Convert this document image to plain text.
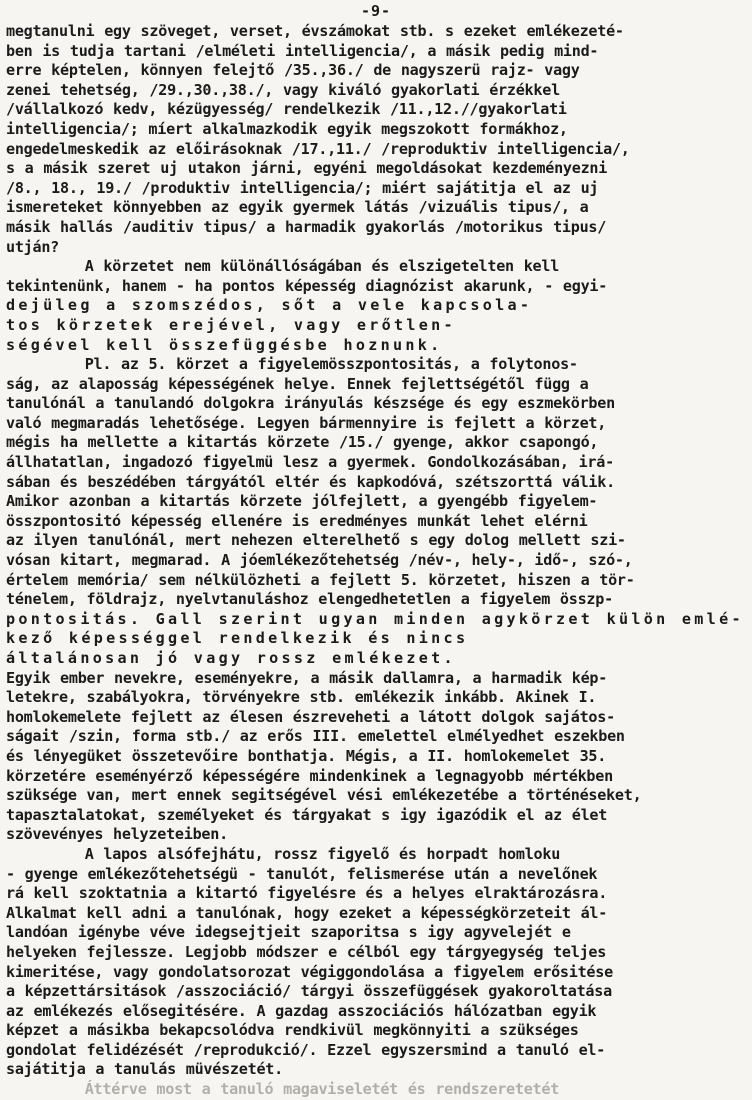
-9-
megtanulni egy szöveget, verset, évszámokat stb. s ezeket emlékezeté-
ben is tudja tartani /elméleti intelligencia/, a másik pedig mind-
erre képtelen, könnyen felejtő /35.,36./ de nagyszerü rajz- vagy
zenei tehetség, /29.,30.,38./, vagy kiváló gyakorlati érzékkel
/vállalkozó kedv, kézügyesség/ rendelkezik /11.,12.//gyakorlati
intelligencia/; míert alkalmazkodik egyik megszokott formákhoz,
engedelmeskedik az előirásoknak /17.,11./ /reproduktiv intelligencia/,
s a másik szeret uj utakon járni, egyéni megoldásokat kezdeményezni
/8., 18., 19./ /produktiv intelligencia/; miért sajátitja el az uj
ismereteket könnyebben az egyik gyermek látás /vizuális tipus/, a
másik hallás /auditiv tipus/ a harmadik gyakorlás /motorikus tipus/
utján?
A körzetet nem különállóságában és elszigetelten kell
tekintenünk, hanem - ha pontos képesség diagnózist akarunk, - egyi-
dejüleg a szomszédos, sőt a vele kapcsola-
tos körzetek erejével, vagy erőtlen-
ségével kell összefüggésbe hoznunk.
Pl. az 5. körzet a figyelemösszpontositás, a folytonos-
ság, az alaposság képességének helye. Ennek fejlettségétől függ a
tanulónál a tanulandó dolgokra irányulás készsége és egy eszmekörben
való megmaradás lehetősége. Legyen bármennyire is fejlett a körzet,
mégis ha mellette a kitartás körzete /15./ gyenge, akkor csapongó,
állhatatlan, ingadozó figyelmü lesz a gyermek. Gondolkozásában, irá-
sában és beszédében tárgyától eltér és kapkodóvá, szétszorttá válik.
Amikor azonban a kitartás körzete jólfejlett, a gyengébb figyelem-
összpontositó képesség ellenére is eredményes munkát lehet elérni
az ilyen tanulónál, mert nehezen elterelhető s egy dolog mellett szi-
vósan kitart, megmarad. A jóemlékezőtehetség /név-, hely-, idő-, szó-,
értelem memória/ sem nélkülözheti a fejlett 5. körzetet, hiszen a tör-
ténelem, földrajz, nyelvtanuláshoz elengedhetetlen a figyelem összp-
pontositás. Gall szerint ugyan minden agykörzet külön emlé-
kező képességgel rendelkezik és nincs
általánosan jó vagy rossz emlékezet.
Egyik ember nevekre, eseményekre, a másik dallamra, a harmadik kép-
letekre, szabályokra, törvényekre stb. emlékezik inkább. Akinek I.
homlokemelete fejlett az élesen észreveheti a látott dolgok sajátos-
ságait /szin, forma stb./ az erős III. emelettel elmélyedhet eszekben
és lényegüket összetevőire bonthatja. Mégis, a II. homlokemelet 35.
körzetére eseményérző képességére mindenkinek a legnagyobb mértékben
szüksége van, mert ennek segitségével vési emlékezetébe a történéseket,
tapasztalatokat, személyeket és tárgyakat s igy igazódik el az élet
szövevényes helyzeteiben.
A lapos alsófejhátu, rossz figyelő és horpadt homloku
- gyenge emlékezőtehetségü - tanulót, felismerése után a nevelőnek
rá kell szoktatnia a kitartó figyelésre és a helyes elraktározásra.
Alkalmat kell adni a tanulónak, hogy ezeket a képességkörzeteit ál-
landóan igénybe véve idegsejtjeit szaporitsa s igy agyvelejét e
helyeken fejlessze. Legjobb módszer e célból egy tárgyegység teljes
kimeritése, vagy gondolatsorozat végiggondolása a figyelem erősitése
a képzettársitások /asszociáció/ tárgyi összefüggések gyakoroltatása
az emlékezés elősegitésére. A gazdag asszociációs hálózatban egyik
képzet a másikba bekapcsolódva rendkivül megkönnyiti a szükséges
gondolat felidézését /reprodukció/. Ezzel egyszersmind a tanuló el-
sajátitja a tanulás müvészetét.
Áttérve most a tanuló magaviseletét és rendszeretetét
